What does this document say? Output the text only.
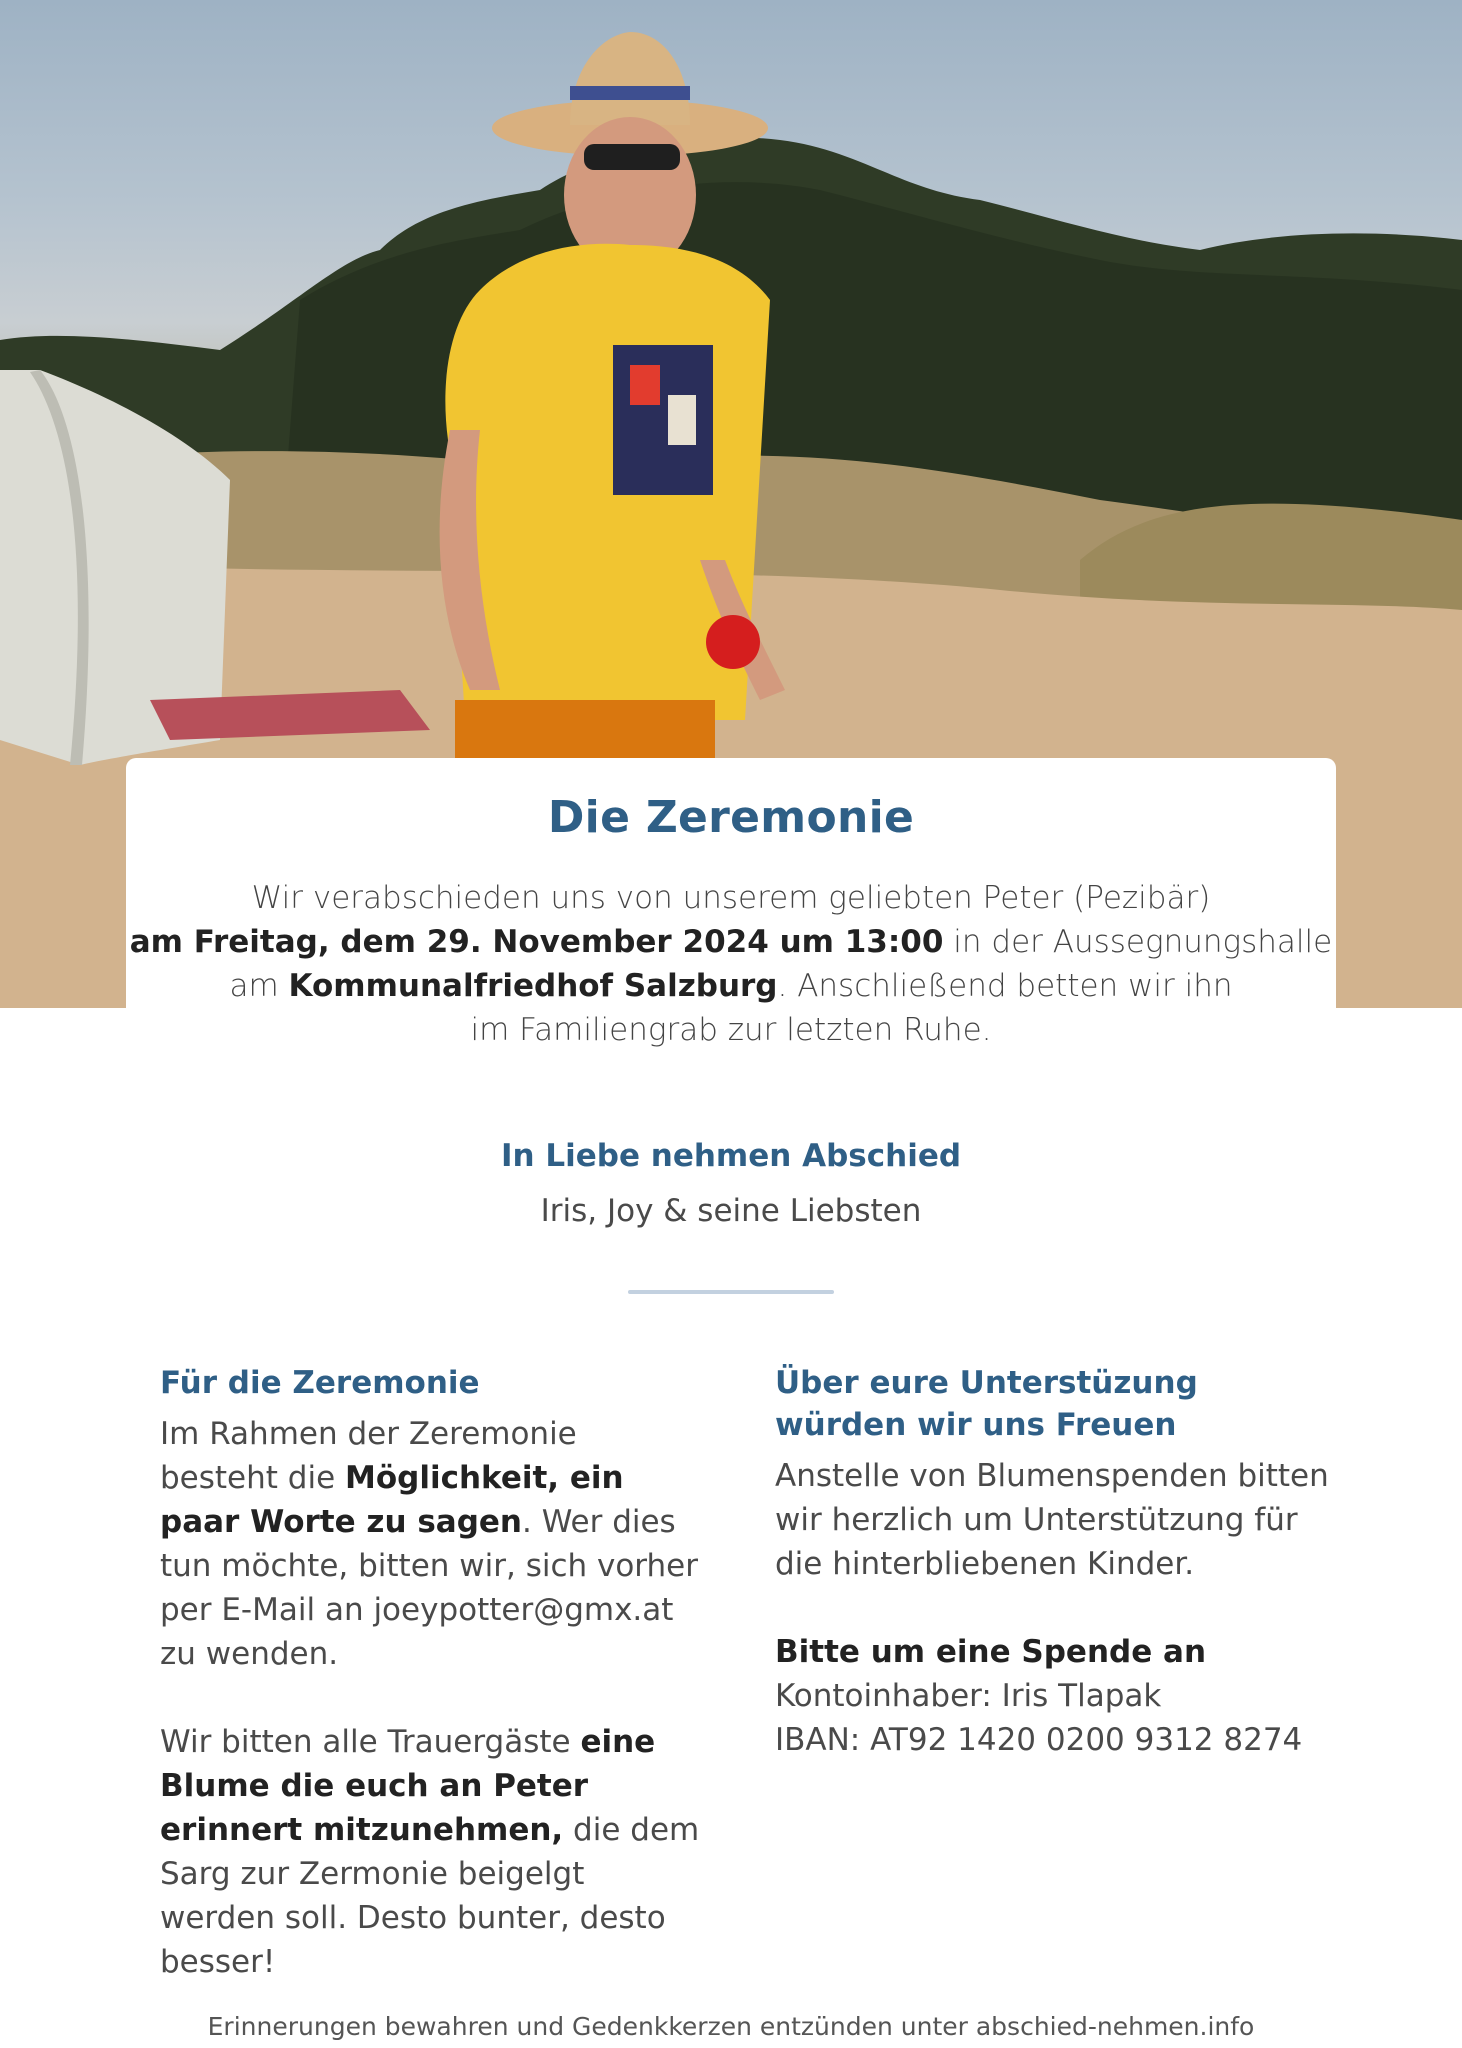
Die Zeremonie
Wir verabschieden uns von unserem geliebten Peter (Pezibär)
am Freitag, dem 29. November 2024 um 13:00 in der Aussegnungshalle
am Kommunalfriedhof Salzburg. Anschließend betten wir ihn
im Familiengrab zur letzten Ruhe.
In Liebe nehmen Abschied
Iris, Joy & seine Liebsten
Für die Zeremonie

Im Rahmen der Zeremonie besteht die Möglichkeit, ein paar Worte zu sagen. Wer dies tun möchte, bitten wir, sich vorher per E-Mail an joeypotter@gmx.at zu wenden.

Wir bitten alle Trauergäste eine Blume die euch an Peter erinnert mitzunehmen, die dem Sarg zur Zermonie beigelgt werden soll. Desto bunter, desto besser!

Über eure Unterstüzung
würden wir uns Freuen

Anstelle von Blumenspenden bitten wir herzlich um Unterstützung für die hinterbliebenen Kinder.

Bitte um eine Spende an

Kontoinhaber: Iris Tlapak

IBAN: AT92 1420 0200 9312 8274

Erinnerungen bewahren und Gedenkkerzen entzünden unter abschied-nehmen.info
